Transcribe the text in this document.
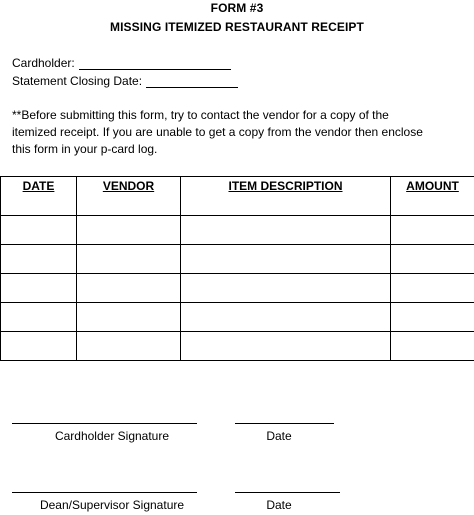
FORM #3
MISSING ITEMIZED RESTAURANT RECEIPT
Cardholder:
Statement Closing Date:
**Before submitting this form, try to contact the vendor for a copy of the
itemized receipt. If you are unable to get a copy from the vendor then enclose
this form in your p-card log.
DATE	VENDOR	ITEM DESCRIPTION	AMOUNT

Cardholder Signature	Date
Dean/Supervisor Signature	Date
